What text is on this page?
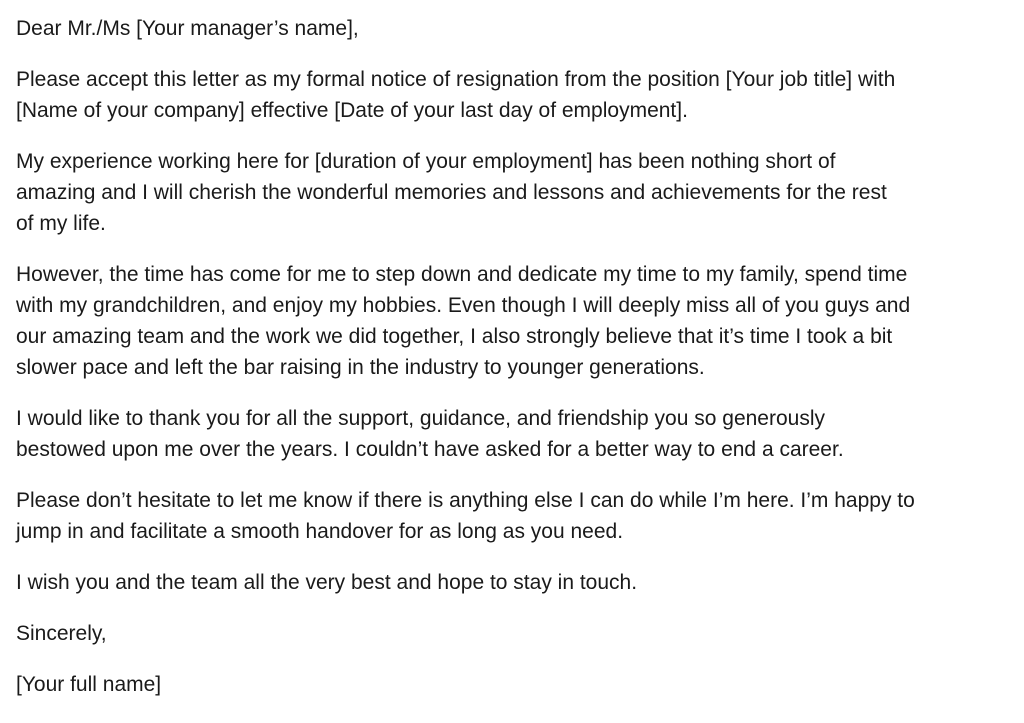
Dear Mr./Ms [Your manager’s name],

Please accept this letter as my formal notice of resignation from the position [Your job title] with
[Name of your company] effective [Date of your last day of employment].

My experience working here for [duration of your employment] has been nothing short of
amazing and I will cherish the wonderful memories and lessons and achievements for the rest
of my life.

However, the time has come for me to step down and dedicate my time to my family, spend time
with my grandchildren, and enjoy my hobbies. Even though I will deeply miss all of you guys and
our amazing team and the work we did together, I also strongly believe that it’s time I took a bit
slower pace and left the bar raising in the industry to younger generations.

I would like to thank you for all the support, guidance, and friendship you so generously
bestowed upon me over the years. I couldn’t have asked for a better way to end a career.

Please don’t hesitate to let me know if there is anything else I can do while I’m here. I’m happy to
jump in and facilitate a smooth handover for as long as you need.

I wish you and the team all the very best and hope to stay in touch.

Sincerely,

[Your full name]
